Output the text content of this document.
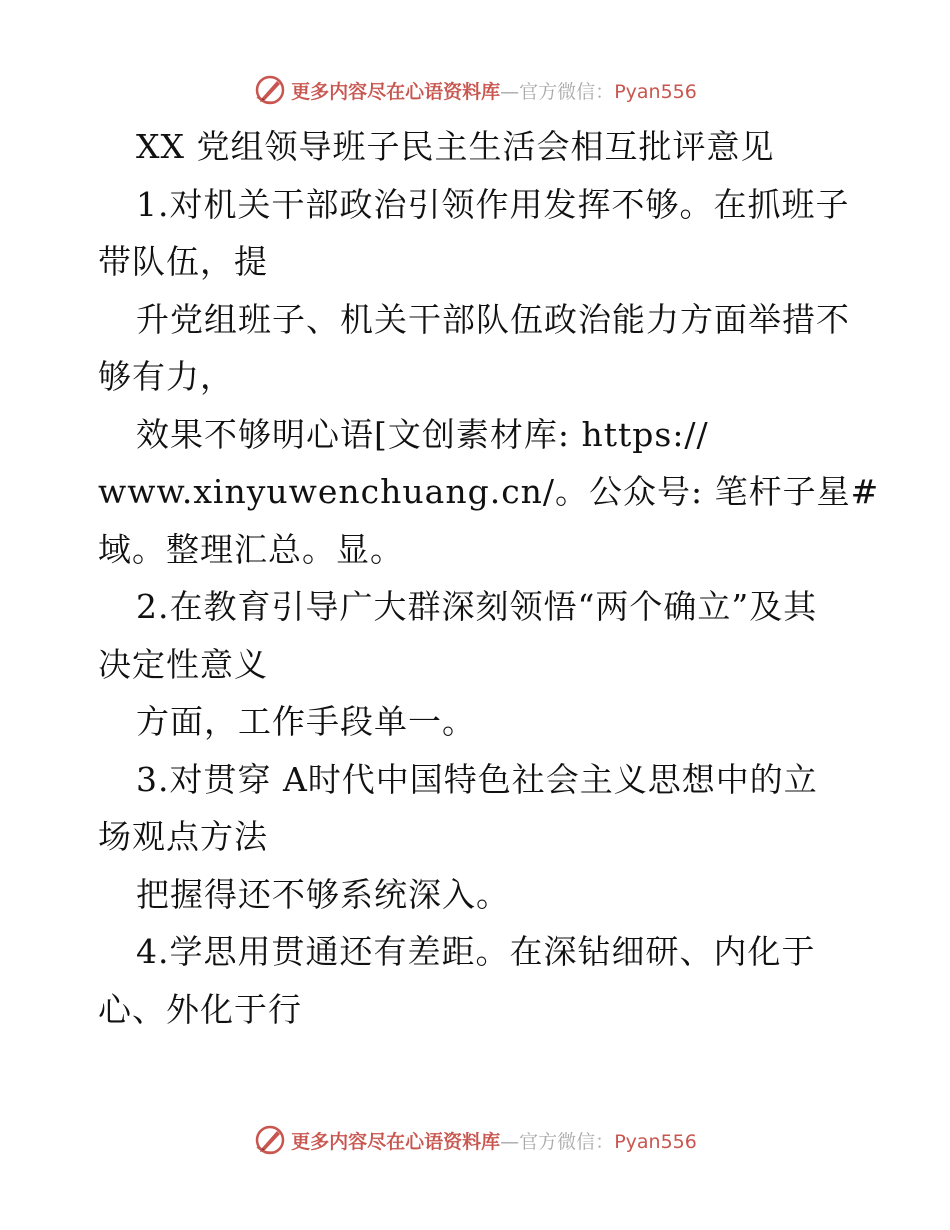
更多内容尽在心语资料库—官方微信：Pyan556
XX 党组领导班子民主生活会相互批评意见
1.对机关干部政治引领作用发挥不够。在抓班子
带队伍，提
升党组班子、机关干部队伍政治能力方面举措不
够有力，
效果不够明心语[文创素材库: https://
www.xinyuwenchuang.cn/。公众号: 笔杆子星#
域。整理汇总。显。
2.在教育引导广大群深刻领悟“两个确立”及其
决定性意义
方面，工作手段单一。
3.对贯穿 A时代中国特色社会主义思想中的立
场观点方法
把握得还不够系统深入。
4.学思用贯通还有差距。在深钻细研、内化于
心、外化于行
更多内容尽在心语资料库—官方微信：Pyan556
